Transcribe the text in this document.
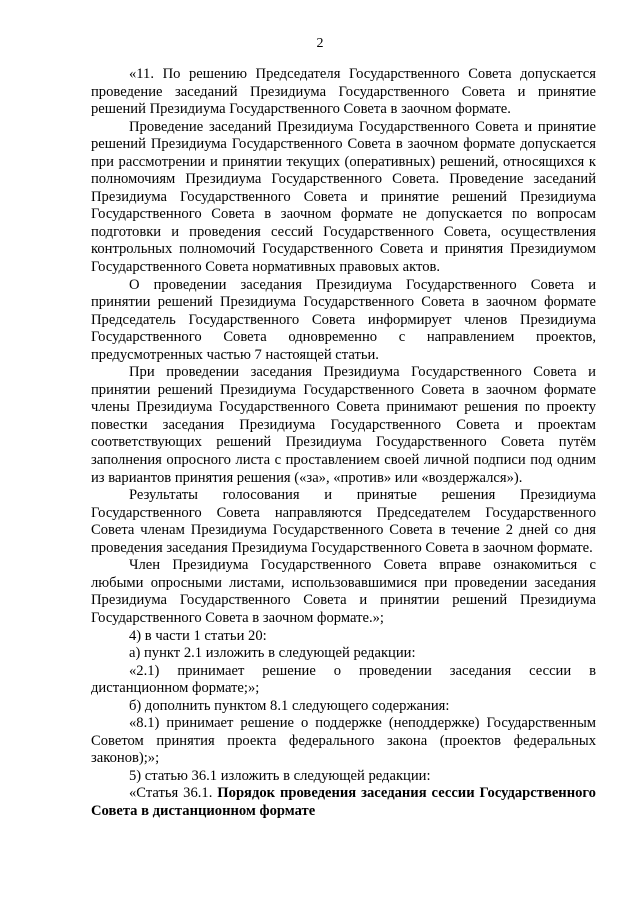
2

«11. По решению Председателя Государственного Совета допускается проведение заседаний Президиума Государственного Совета и принятие решений Президиума Государственного Совета в заочном формате.

Проведение заседаний Президиума Государственного Совета и принятие решений Президиума Государственного Совета в заочном формате допускается при рассмотрении и принятии текущих (оперативных) решений, относящихся к полномочиям Президиума Государственного Совета. Проведение заседаний Президиума Государственного Совета и принятие решений Президиума Государственного Совета в заочном формате не допускается по вопросам подготовки и проведения сессий Государственного Совета, осуществления контрольных полномочий Государственного Совета и принятия Президиумом Государственного Совета нормативных правовых актов.

О проведении заседания Президиума Государственного Совета и принятии решений Президиума Государственного Совета в заочном формате Председатель Государственного Совета информирует членов Президиума Государственного Совета одновременно с направлением проектов, предусмотренных частью 7 настоящей статьи.

При проведении заседания Президиума Государственного Совета и принятии решений Президиума Государственного Совета в заочном формате члены Президиума Государственного Совета принимают решения по проекту повестки заседания Президиума Государственного Совета и проектам соответствующих решений Президиума Государственного Совета путём заполнения опросного листа с проставлением своей личной подписи под одним из вариантов принятия решения («за», «против» или «воздержался»).

Результаты голосования и принятые решения Президиума Государственного Совета направляются Председателем Государственного Совета членам Президиума Государственного Совета в течение 2 дней со дня проведения заседания Президиума Государственного Совета в заочном формате.

Член Президиума Государственного Совета вправе ознакомиться с любыми опросными листами, использовавшимися при проведении заседания Президиума Государственного Совета и принятии решений Президиума Государственного Совета в заочном формате.»;

4) в части 1 статьи 20:

а) пункт 2.1 изложить в следующей редакции:

«2.1) принимает решение о проведении заседания сессии в дистанционном формате;»;

б) дополнить пунктом 8.1 следующего содержания:

«8.1) принимает решение о поддержке (неподдержке) Государственным Советом принятия проекта федерального закона (проектов федеральных законов);»;

5) статью 36.1 изложить в следующей редакции:

«Статья 36.1. Порядок проведения заседания сессии Государственного Совета в дистанционном формате
